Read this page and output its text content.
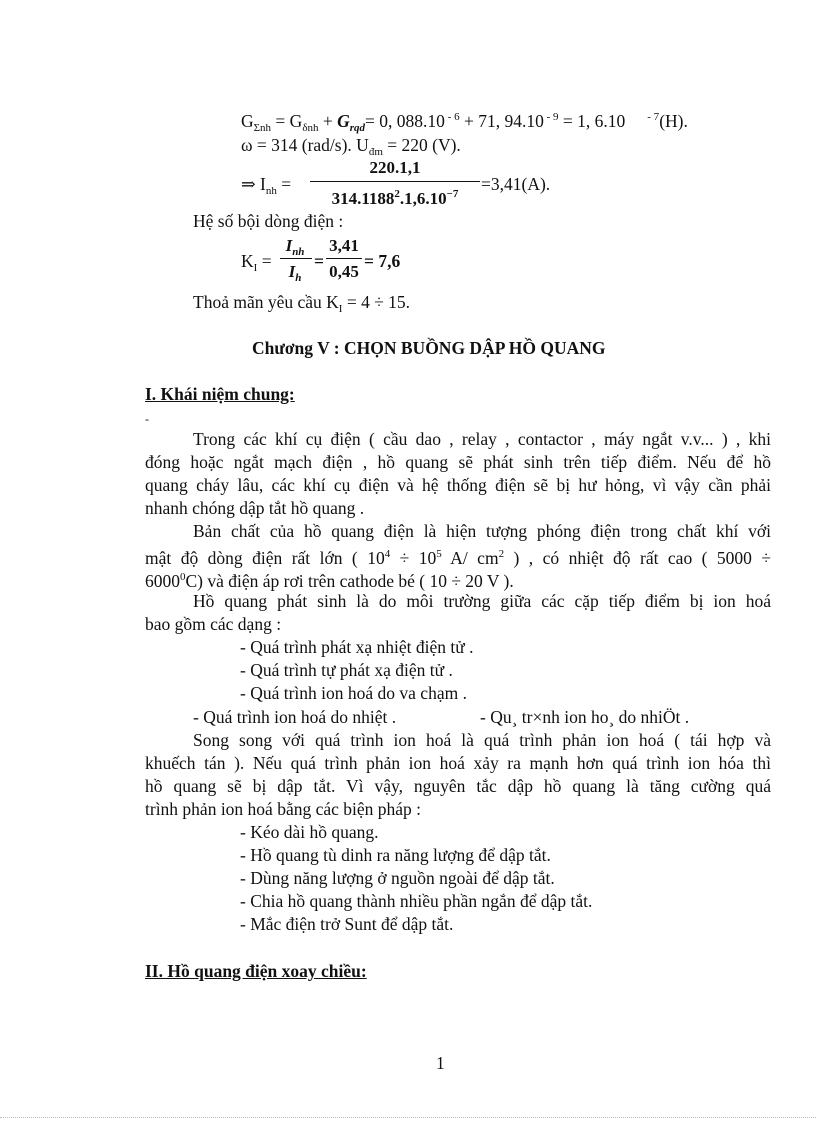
$G_{\Sigma nh} = G_{\delta nh} + G_{rqd}= 0$, 088.10 $^{- 6}$ + 71, 94.10 $^{- 9}$ = 1, 6.10 $^{- 7}$(H).
ω = 314 (rad/s). $U_{đm} = 220$ (V).
⇒ $I_{nh}$ =
220.1,1
$314.1188^2.1,6.10^{-7}$	=3,41(A).
Hệ số bội dòng điện :
$K_I$ =
$I_{nh}$
$I_h$
=
3,41
0,45
= 7,6
Thoả mãn yêu cầu $K_I = 4 \div 15$.
Chương V : CHỌN BUỒNG DẬP HỒ QUANG
I. Khái niệm chung:
-
Trong các khí cụ điện ( cầu dao , relay , contactor , máy ngắt v.v... ) , khi
đóng hoặc ngắt mạch điện , hồ quang sẽ phát sinh trên tiếp điểm. Nếu để hồ
quang cháy lâu, các khí cụ điện và hệ thống điện sẽ bị hư hỏng, vì vậy cần phải
nhanh chóng dập tắt hồ quang .
Bản chất của hồ quang điện là hiện tượng phóng điện trong chất khí với
mật độ dòng điện rất lớn ( $10^4 \div 10^5$ A/ $cm^2$ ) , có nhiệt độ rất cao ( 5000 ÷
$6000^0C$) và điện áp rơi trên cathode bé ( 10 ÷ 20 V ).
Hồ quang phát sinh là do môi trường giữa các cặp tiếp điểm bị ion hoá
bao gồm các dạng :
- Quá trình phát xạ nhiệt điện tử .
- Quá trình tự phát xạ điện tử .
- Quá trình ion hoá do va chạm .
- Quá trình ion hoá do nhiệt .	- Qu¸ tr×nh ion ho¸ do nhiÖt .
Song song với quá trình ion hoá là quá trình phản ion hoá ( tái hợp và
khuếch tán ). Nếu quá trình phản ion hoá xảy ra mạnh hơn quá trình ion hóa thì
hồ quang sẽ bị dập tắt. Vì vậy, nguyên tắc dập hồ quang là tăng cường quá
trình phản ion hoá bằng các biện pháp :
- Kéo dài hồ quang.
- Hồ quang tù dinh ra năng lượng để dập tắt.
- Dùng năng lượng ở nguồn ngoài để dập tắt.
- Chia hồ quang thành nhiều phần ngắn để dập tắt.
- Mắc điện trở Sunt để dập tắt.
II. Hồ quang điện xoay chiều:
1
